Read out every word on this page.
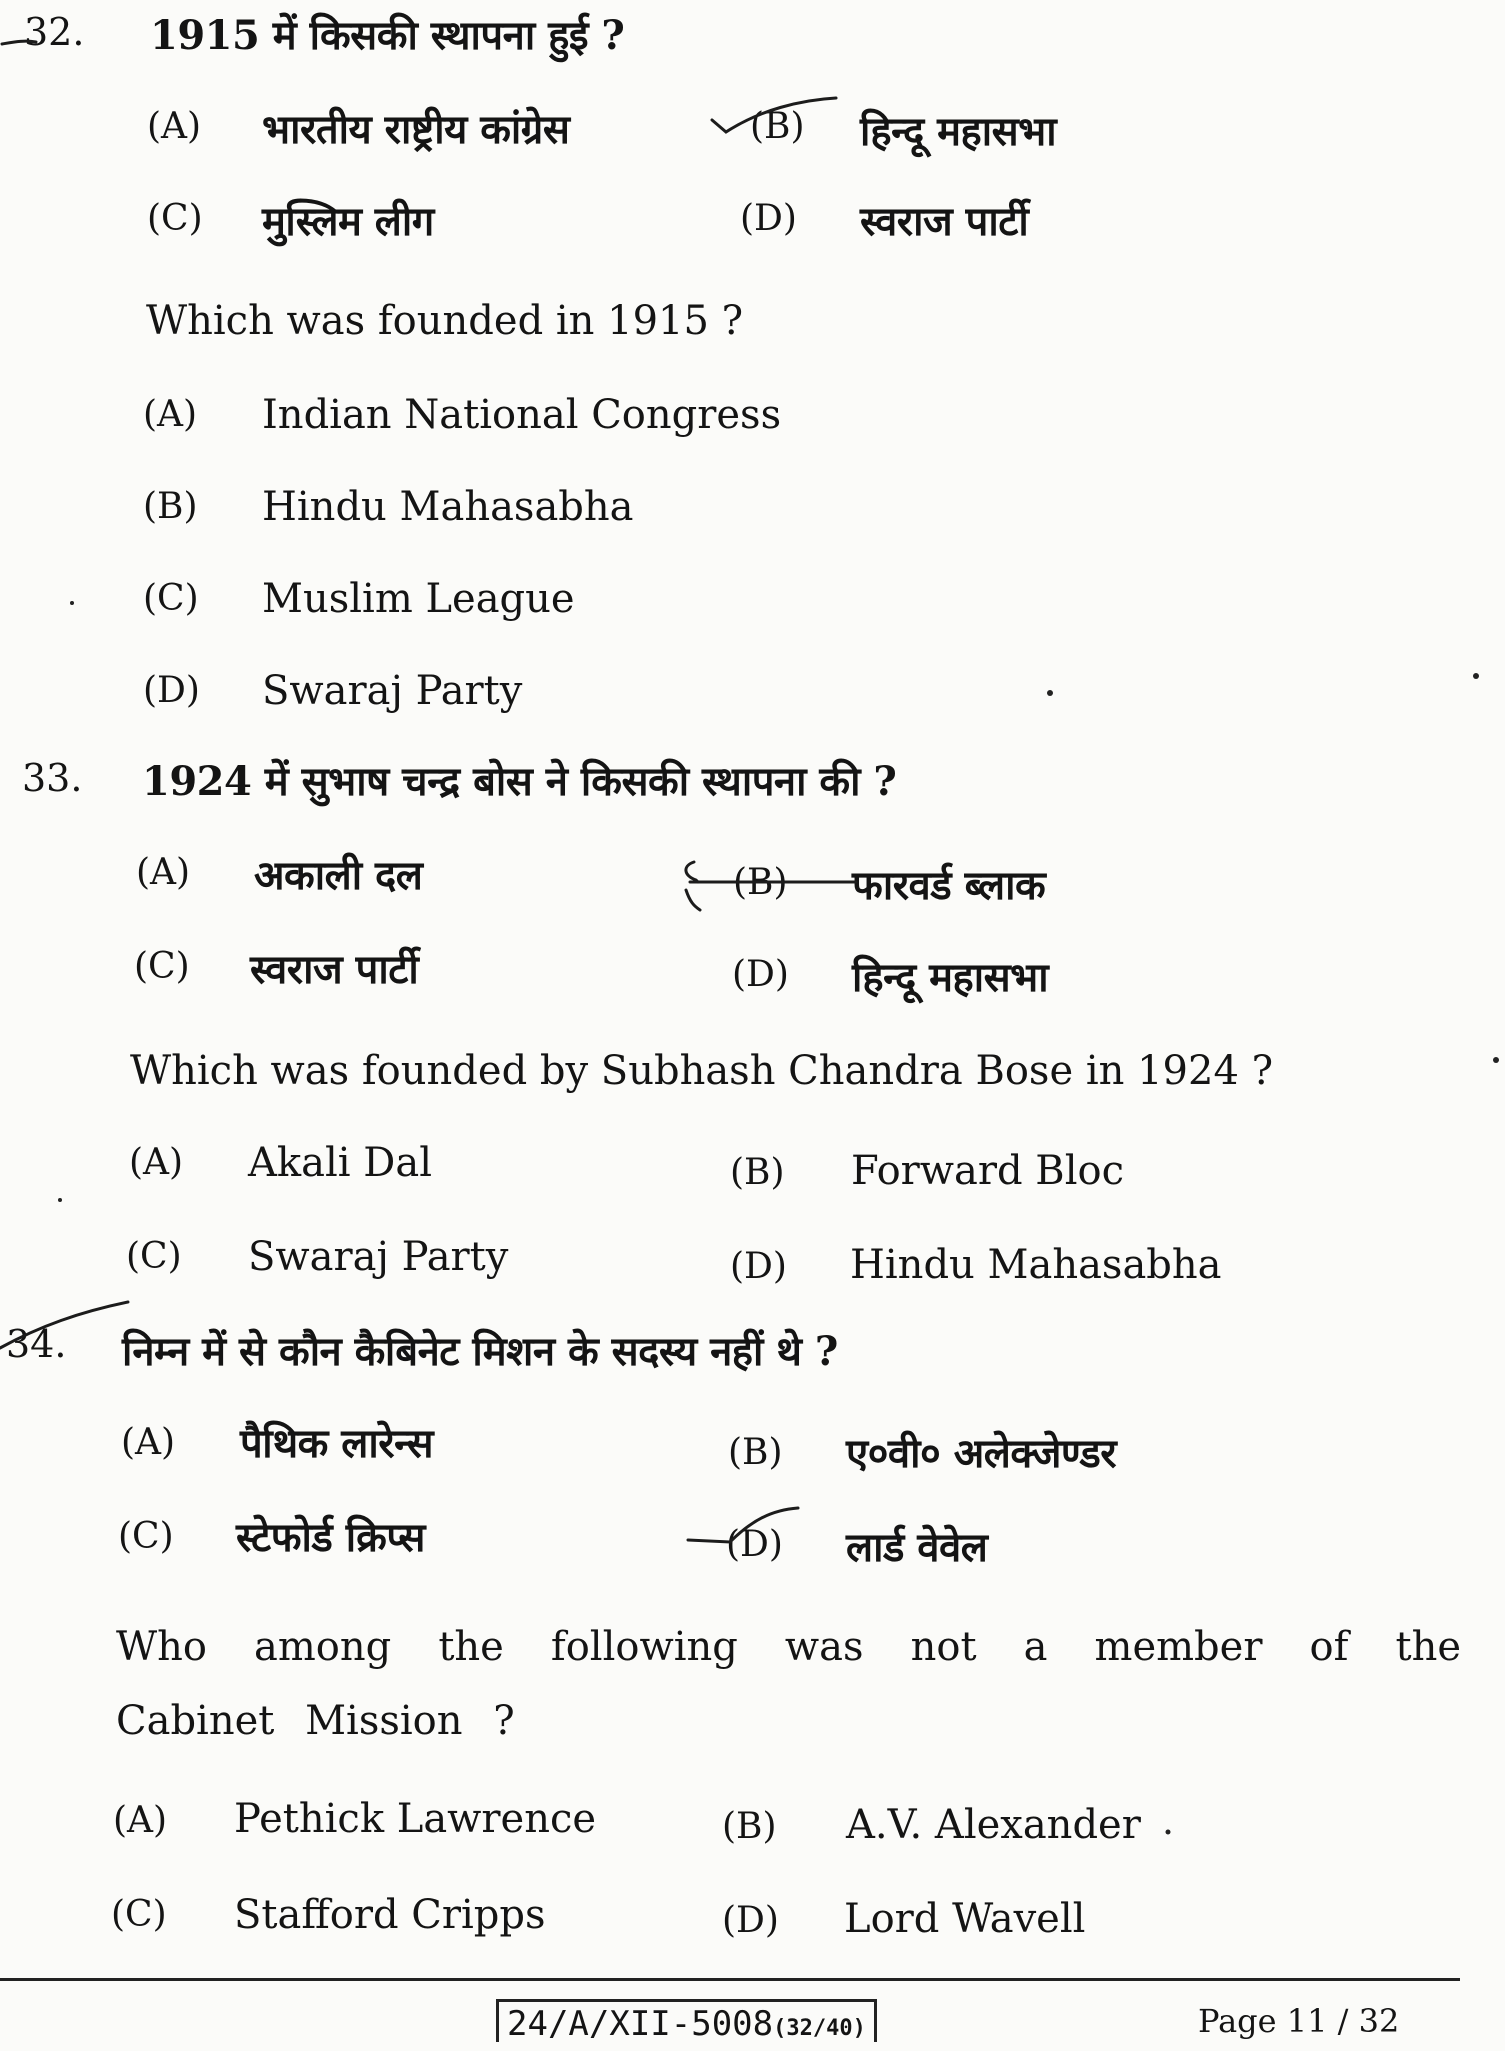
32. 1915 में किसकी स्थापना हुई ?
(A) भारतीय राष्ट्रीय कांग्रेस	(B) हिन्दू महासभा
(C) मुस्लिम लीग	(D) स्वराज पार्टी
Which was founded in 1915 ?
(A) Indian National Congress
(B) Hindu Mahasabha
(C) Muslim League
(D) Swaraj Party
33. 1924 में सुभाष चन्द्र बोस ने किसकी स्थापना की ?
(A) अकाली दल	(B) फारवर्ड ब्लाक
(C) स्वराज पार्टी	(D) हिन्दू महासभा
Which was founded by Subhash Chandra Bose in 1924 ?
(A) Akali Dal	(B) Forward Bloc
(C) Swaraj Party	(D) Hindu Mahasabha
34. निम्न में से कौन कैबिनेट मिशन के सदस्य नहीं थे ?
(A) पैथिक लारेन्स	(B) ए०वी० अलेक्जेण्डर
(C) स्टेफोर्ड क्रिप्स	(D) लार्ड वेवेल
Who among the following was not a member of the Cabinet Mission ?
(A) Pethick Lawrence	(B) A.V. Alexander
(C) Stafford Cripps	(D) Lord Wavell
24/A/XII-5008(32/40)	Page 11 / 32
